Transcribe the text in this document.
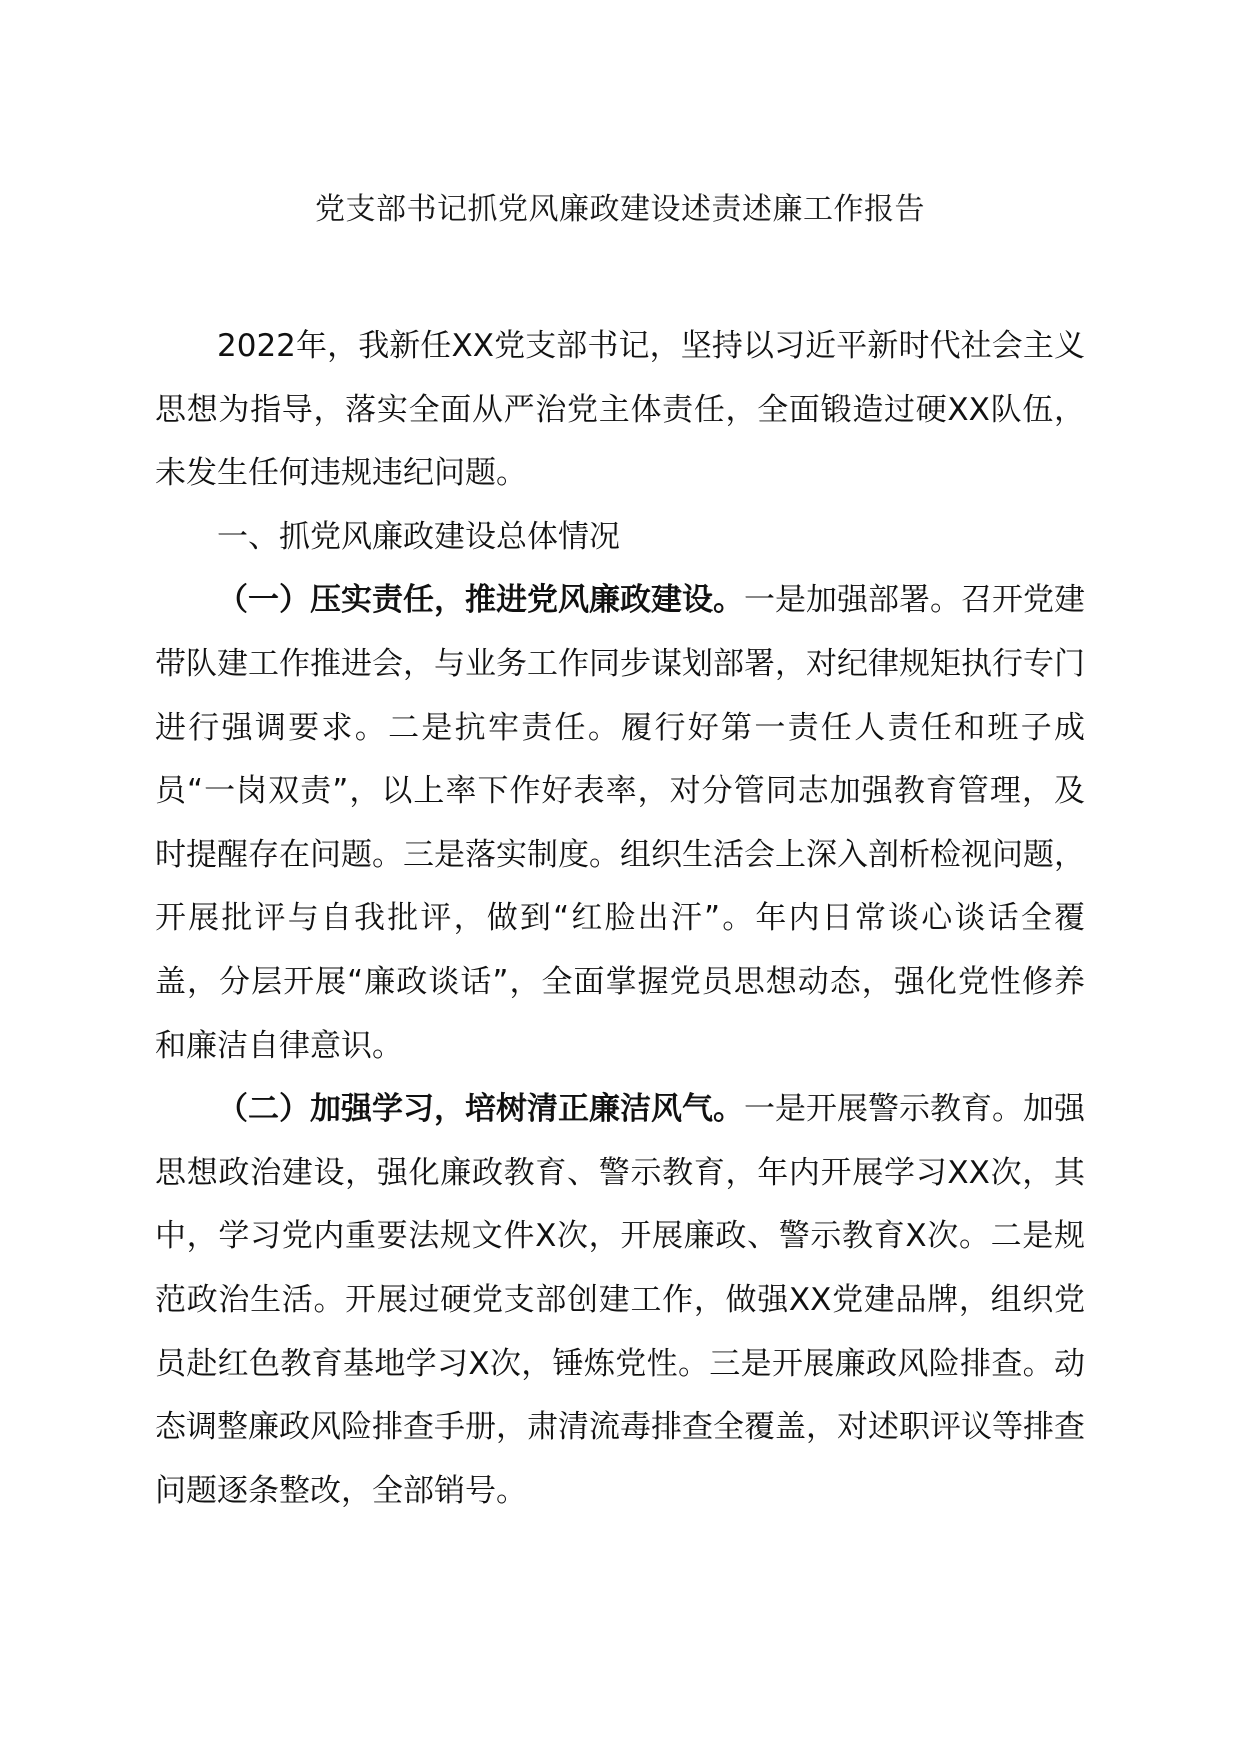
党支部书记抓党风廉政建设述责述廉工作报告

2022年，我新任XX党支部书记，坚持以习近平新时代社会主义思想为指导，落实全面从严治党主体责任，全面锻造过硬XX队伍，未发生任何违规违纪问题。

一、抓党风廉政建设总体情况

（一）压实责任，推进党风廉政建设。一是加强部署。召开党建带队建工作推进会，与业务工作同步谋划部署，对纪律规矩执行专门进行强调要求。二是抗牢责任。履行好第一责任人责任和班子成员“一岗双责”，以上率下作好表率，对分管同志加强教育管理，及时提醒存在问题。三是落实制度。组织生活会上深入剖析检视问题，开展批评与自我批评，做到“红脸出汗”。年内日常谈心谈话全覆盖，分层开展“廉政谈话”，全面掌握党员思想动态，强化党性修养和廉洁自律意识。

（二）加强学习，培树清正廉洁风气。一是开展警示教育。加强思想政治建设，强化廉政教育、警示教育，年内开展学习XX次，其中，学习党内重要法规文件X次，开展廉政、警示教育X次。二是规范政治生活。开展过硬党支部创建工作，做强XX党建品牌，组织党员赴红色教育基地学习X次，锤炼党性。三是开展廉政风险排查。动态调整廉政风险排查手册，肃清流毒排查全覆盖，对述职评议等排查问题逐条整改，全部销号。
